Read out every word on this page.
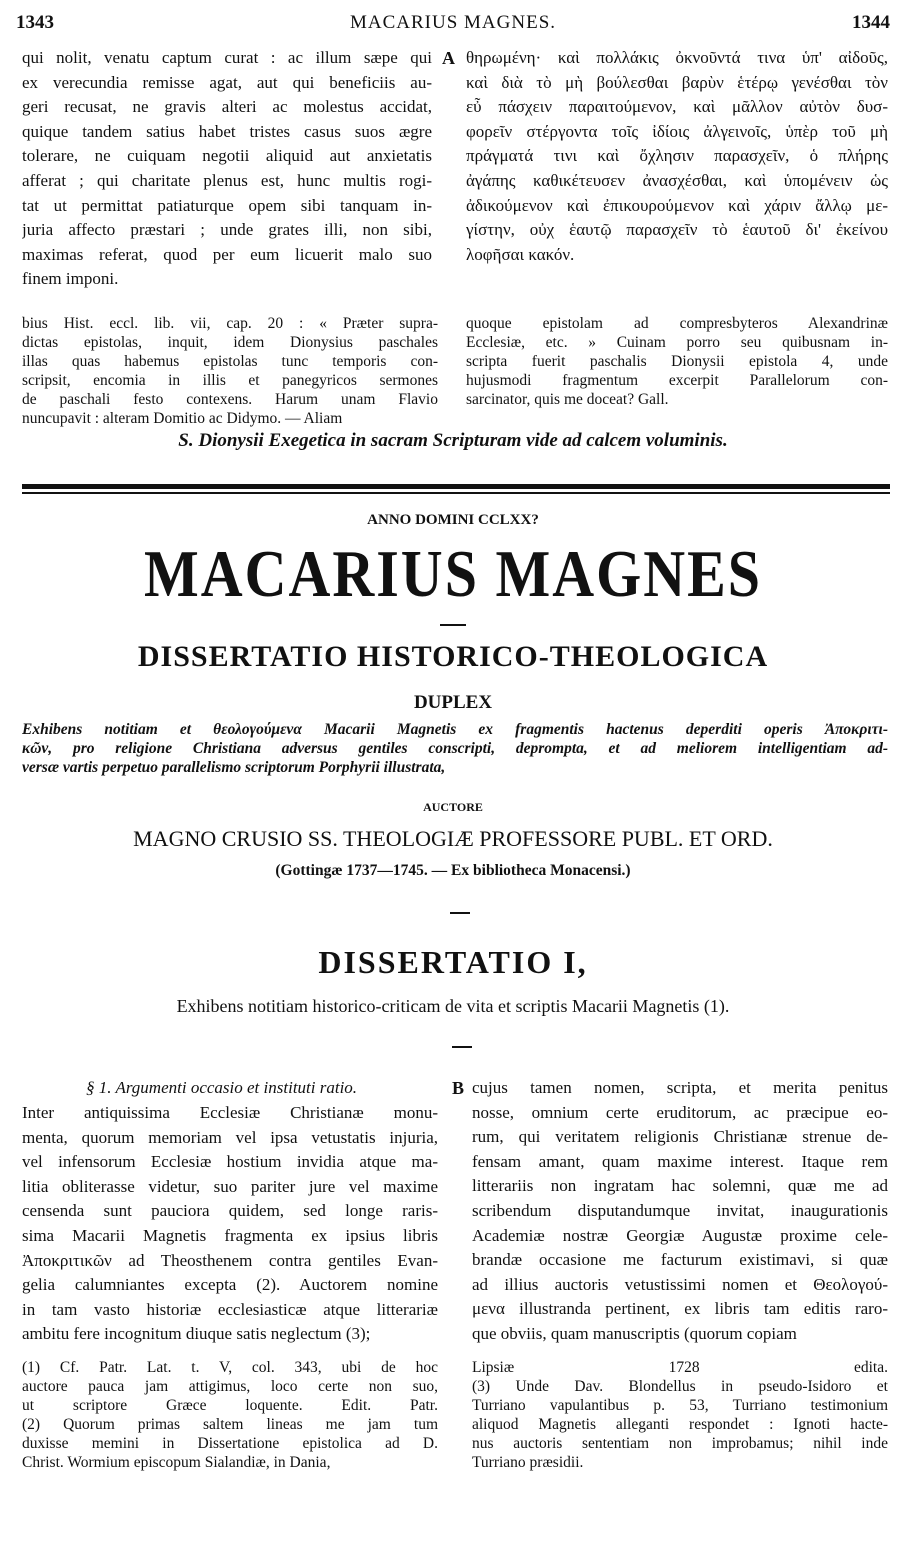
1343	MACARIUS MAGNES.	1344
qui nolit, venatu captum curat : ac illum sæpe qui
ex verecundia remisse agat, aut qui beneficiis au-
geri recusat, ne gravis alteri ac molestus accidat,
quique tandem satius habet tristes casus suos ægre
tolerare, ne cuiquam negotii aliquid aut anxietatis
afferat ; qui charitate plenus est, hunc multis rogi-
tat ut permittat patiaturque opem sibi tanquam in-
juria affecto præstari ; unde grates illi, non sibi,
maximas referat, quod per eum licuerit malo suo
finem imponi.
A θηρωμένη· καὶ πολλάκις ὀκνοῦντά τινα ὑπ' αἰδοῦς,
καὶ διὰ τὸ μὴ βούλεσθαι βαρὺν ἑτέρῳ γενέσθαι τὸν
εὖ πάσχειν παραιτούμενον, καὶ μᾶλλον αὐτὸν δυσ-
φορεῖν στέργοντα τοῖς ἰδίοις ἀλγεινοῖς, ὑπὲρ τοῦ μὴ
πράγματά τινι καὶ ὄχλησιν παρασχεῖν, ὁ πλήρης
ἀγάπης καθικέτευσεν ἀνασχέσθαι, καὶ ὑπομένειν ὡς
ἀδικούμενον καὶ ἐπικουρούμενον καὶ χάριν ἄλλῳ με-
γίστην, οὐχ ἑαυτῷ παρασχεῖν τὸ ἑαυτοῦ δι' ἐκείνου
λοφῆσαι κακόν.
bius Hist. eccl. lib. vii, cap. 20 : « Præter supra-
dictas epistolas, inquit, idem Dionysius paschales
illas quas habemus epistolas tunc temporis con-
scripsit, encomia in illis et panegyricos sermones
de paschali festo contexens. Harum unam Flavio
nuncupavit : alteram Domitio ac Didymo. — Aliam
quoque epistolam ad compresbyteros Alexandrinæ
Ecclesiæ, etc. » Cuinam porro seu quibusnam in-
scripta fuerit paschalis Dionysii epistola 4, unde
hujusmodi fragmentum excerpit Parallelorum con-
sarcinator, quis me doceat? Gall.
S. Dionysii Exegetica in sacram Scripturam vide ad calcem voluminis.
ANNO DOMINI CCLXX?
MACARIUS MAGNES
DISSERTATIO HISTORICO-THEOLOGICA
DUPLEX
Exhibens notitiam et θεολογούμενα Macarii Magnetis ex fragmentis hactenus deperditi operis Ἀποκριτι-
κῶν, pro religione Christiana adversus gentiles conscripti, deprompta, et ad meliorem intelligentiam ad-
versæ vartis perpetuo parallelismo scriptorum Porphyrii illustrata,
AUCTORE
MAGNO CRUSIO SS. THEOLOGIÆ PROFESSORE PUBL. ET ORD.
(Gottingæ 1737—1745. — Ex bibliotheca Monacensi.)
DISSERTATIO I,
Exhibens notitiam historico-criticam de vita et scriptis Macarii Magnetis (1).
§ 1. Argumenti occasio et instituti ratio.
Inter antiquissima Ecclesiæ Christianæ monu-
menta, quorum memoriam vel ipsa vetustatis injuria,
vel infensorum Ecclesiæ hostium invidia atque ma-
litia obliterasse videtur, suo pariter jure vel maxime
censenda sunt pauciora quidem, sed longe raris-
sima Macarii Magnetis fragmenta ex ipsius libris
Ἀποκριτικῶν ad Theosthenem contra gentiles Evan-
gelia calumniantes excepta (2). Auctorem nomine
in tam vasto historiæ ecclesiasticæ atque litterariæ
ambitu fere incognitum diuque satis neglectum (3);
B cujus tamen nomen, scripta, et merita penitus
nosse, omnium certe eruditorum, ac præcipue eo-
rum, qui veritatem religionis Christianæ strenue de-
fensam amant, quam maxime interest. Itaque rem
litterariis non ingratam hac solemni, quæ me ad
scribendum disputandumque invitat, inaugurationis
Academiæ nostræ Georgiæ Augustæ proxime cele-
brandæ occasione me facturum existimavi, si quæ
ad illius auctoris vetustissimi nomen et Θεολογού-
μενα illustranda pertinent, ex libris tam editis raro-
que obviis, quam manuscriptis (quorum copiam
(1) Cf. Patr. Lat. t. V, col. 343, ubi de hoc
auctore pauca jam attigimus, loco certe non suo,
ut scriptore Græce loquente. Edit. Patr.
(2) Quorum primas saltem lineas me jam tum
duxisse memini in Dissertatione epistolica ad D.
Christ. Wormium episcopum Sialandiæ, in Dania,
Lipsiæ 1728 edita.
(3) Unde Dav. Blondellus in pseudo-Isidoro et
Turriano vapulantibus p. 53, Turriano testimonium
aliquod Magnetis alleganti respondet : Ignoti hacte-
nus auctoris sententiam non improbamus; nihil inde
Turriano præsidii.
